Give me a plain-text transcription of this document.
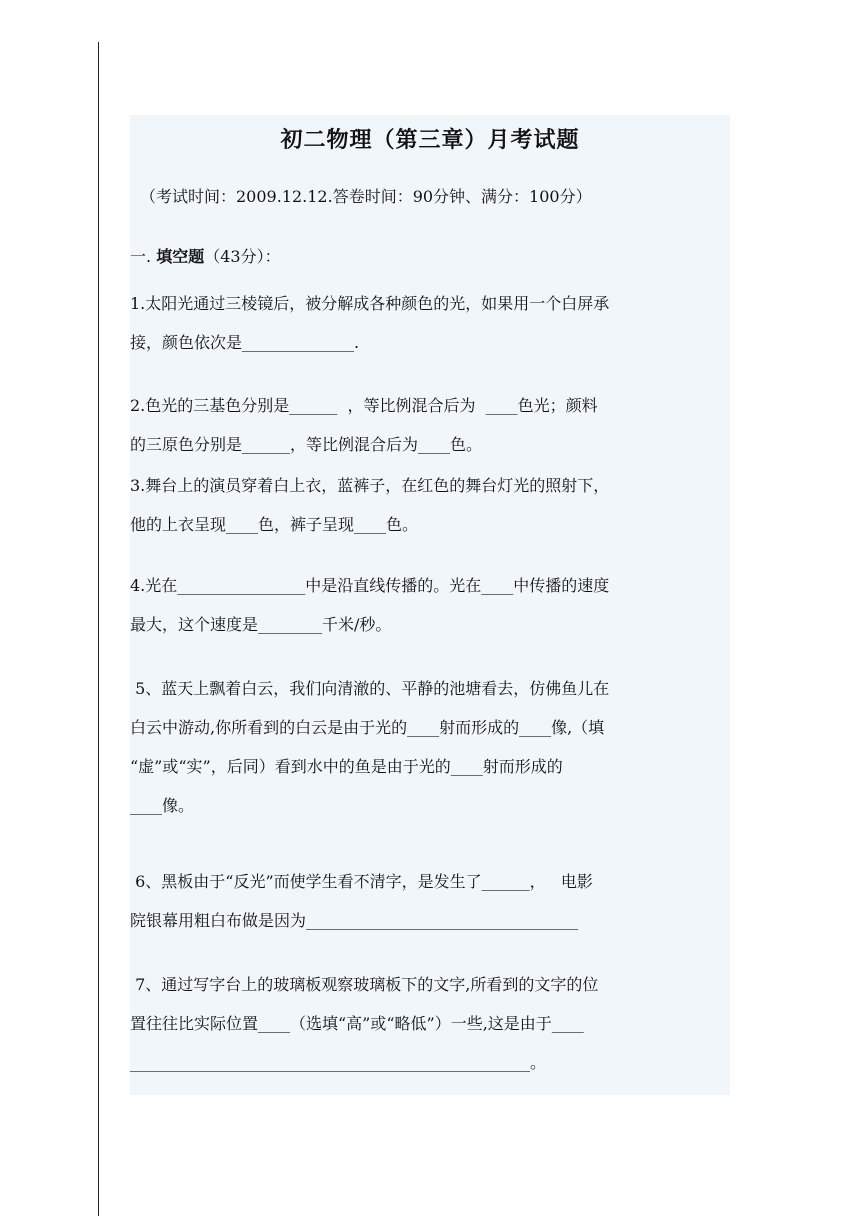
初二物理（第三章）月考试题
（考试时间：2009.12.12.答卷时间：90分钟、满分：100分）
一. 填空题（43分）：
1.太阳光通过三棱镜后，被分解成各种颜色的光，如果用一个白屏承
接，颜色依次是______________.
2.色光的三基色分别是______  ，等比例混合后为  ____色光；颜料
的三原色分别是______，等比例混合后为____色。
3.舞台上的演员穿着白上衣，蓝裤子，在红色的舞台灯光的照射下，
他的上衣呈现____色，裤子呈现____色。
4.光在________________中是沿直线传播的。光在____中传播的速度
最大，这个速度是________千米/秒。
5、蓝天上飘着白云，我们向清澈的、平静的池塘看去，仿佛鱼儿在
白云中游动,你所看到的白云是由于光的____射而形成的____像,（填
“虚”或“实”，后同）看到水中的鱼是由于光的____射而形成的
____像。
6、黑板由于“反光”而使学生看不清字，是发生了______，   电影
院银幕用粗白布做是因为__________________________________
7、通过写字台上的玻璃板观察玻璃板下的文字,所看到的文字的位
置往往比实际位置____（选填“高”或“略低”）一些,这是由于____
__________________________________________________。
